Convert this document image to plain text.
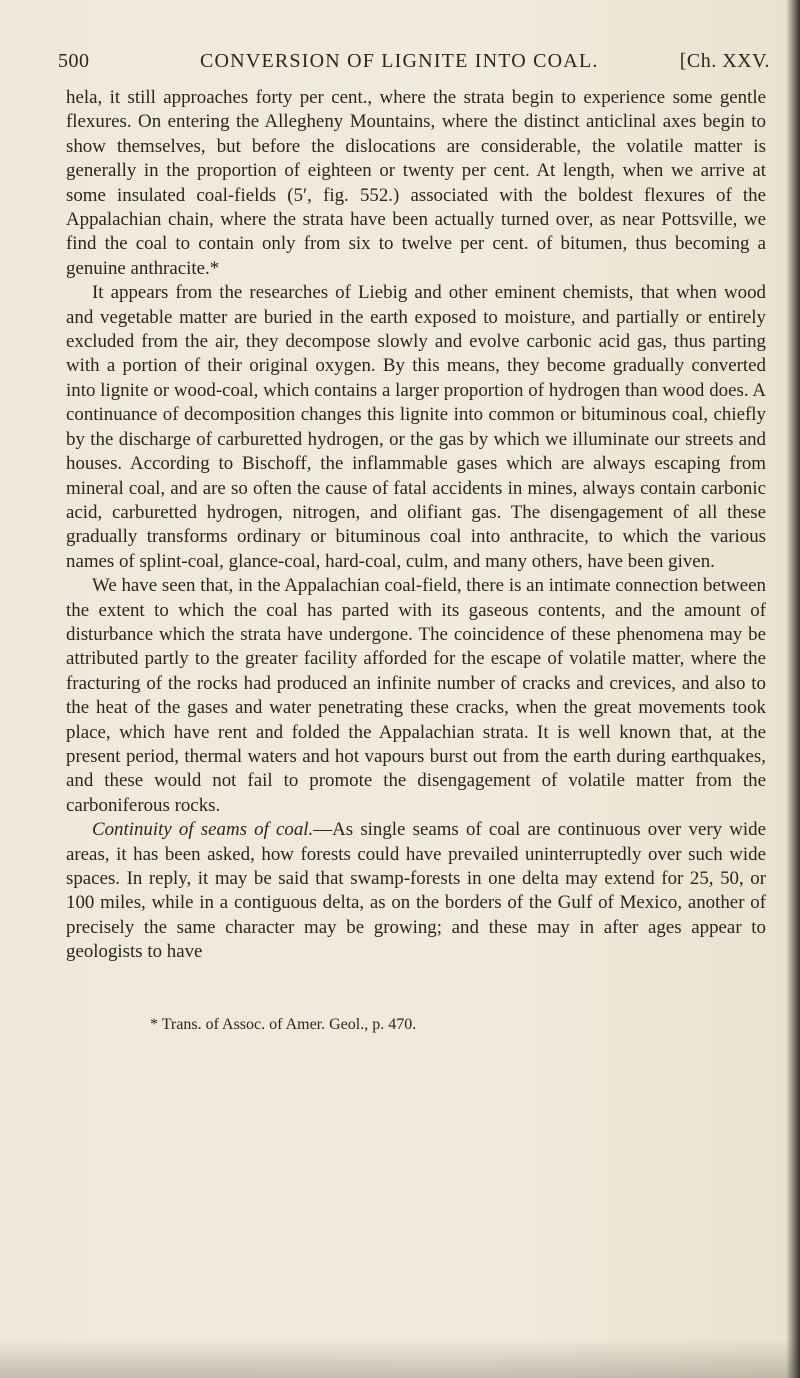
500	CONVERSION OF LIGNITE INTO COAL.	[Ch. XXV.

hela, it still approaches forty per cent., where the strata begin to experience some gentle flexures. On entering the Allegheny Mountains, where the distinct anticlinal axes begin to show themselves, but before the dislocations are considerable, the volatile matter is generally in the proportion of eighteen or twenty per cent. At length, when we arrive at some insulated coal-fields (5′, fig. 552.) associated with the boldest flexures of the Appalachian chain, where the strata have been actually turned over, as near Pottsville, we find the coal to contain only from six to twelve per cent. of bitumen, thus becoming a genuine anthracite.*

It appears from the researches of Liebig and other eminent chemists, that when wood and vegetable matter are buried in the earth exposed to moisture, and partially or entirely excluded from the air, they decompose slowly and evolve carbonic acid gas, thus parting with a portion of their original oxygen. By this means, they become gradually converted into lignite or wood-coal, which contains a larger proportion of hydrogen than wood does. A continuance of decomposition changes this lignite into common or bituminous coal, chiefly by the discharge of carburetted hydrogen, or the gas by which we illuminate our streets and houses. According to Bischoff, the inflammable gases which are always escaping from mineral coal, and are so often the cause of fatal accidents in mines, always contain carbonic acid, carburetted hydrogen, nitrogen, and olifiant gas. The disengagement of all these gradually transforms ordinary or bituminous coal into anthracite, to which the various names of splint-coal, glance-coal, hard-coal, culm, and many others, have been given.

We have seen that, in the Appalachian coal-field, there is an intimate connection between the extent to which the coal has parted with its gaseous contents, and the amount of disturbance which the strata have undergone. The coincidence of these phenomena may be attributed partly to the greater facility afforded for the escape of volatile matter, where the fracturing of the rocks had produced an infinite number of cracks and crevices, and also to the heat of the gases and water penetrating these cracks, when the great movements took place, which have rent and folded the Appalachian strata. It is well known that, at the present period, thermal waters and hot vapours burst out from the earth during earthquakes, and these would not fail to promote the disengagement of volatile matter from the carboniferous rocks.

Continuity of seams of coal.—As single seams of coal are continuous over very wide areas, it has been asked, how forests could have prevailed uninterruptedly over such wide spaces. In reply, it may be said that swamp-forests in one delta may extend for 25, 50, or 100 miles, while in a contiguous delta, as on the borders of the Gulf of Mexico, another of precisely the same character may be growing; and these may in after ages appear to geologists to have

* Trans. of Assoc. of Amer. Geol., p. 470.
